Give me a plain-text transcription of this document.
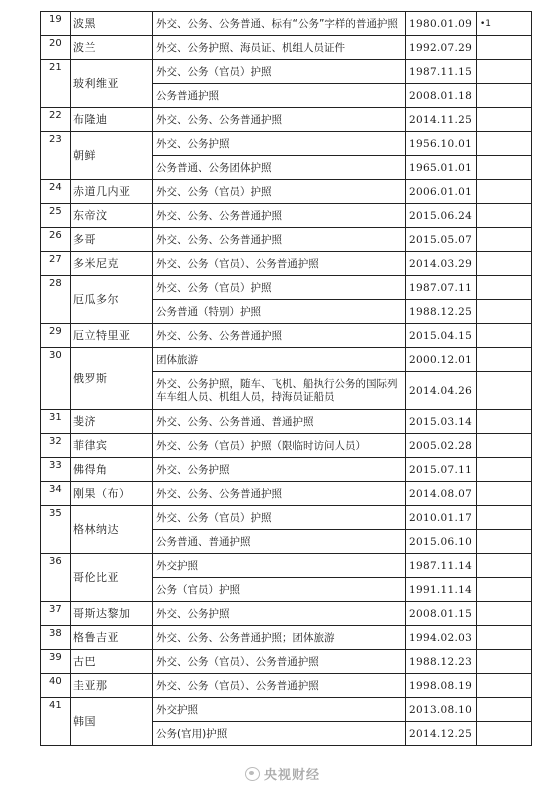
19	波黑	外交、公务、公务普通、标有“公务”字样的普通护照	1980.01.09	•1
20	波兰	外交、公务护照、海员证、机组人员证件	1992.07.29	
21	玻利维亚	外交、公务（官员）护照	1987.11.15	
		公务普通护照	2008.01.18	
22	布隆迪	外交、公务、公务普通护照	2014.11.25	
23	朝鲜	外交、公务护照	1956.10.01	
		公务普通、公务团体护照	1965.01.01	
24	赤道几内亚	外交、公务（官员）护照	2006.01.01	
25	东帝汶	外交、公务、公务普通护照	2015.06.24	
26	多哥	外交、公务、公务普通护照	2015.05.07	
27	多米尼克	外交、公务（官员）、公务普通护照	2014.03.29	
28	厄瓜多尔	外交、公务（官员）护照	1987.07.11	
		公务普通（特别）护照	1988.12.25	
29	厄立特里亚	外交、公务、公务普通护照	2015.04.15	
30	俄罗斯	团体旅游	2000.12.01	
		外交、公务护照，随车、飞机、船执行公务的国际列车车组人员、机组人员，持海员证船员	2014.04.26	
31	斐济	外交、公务、公务普通、普通护照	2015.03.14	
32	菲律宾	外交、公务（官员）护照（限临时访问人员）	2005.02.28	
33	佛得角	外交、公务护照	2015.07.11	
34	刚果（布）	外交、公务、公务普通护照	2014.08.07	
35	格林纳达	外交、公务（官员）护照	2010.01.17	
		公务普通、普通护照	2015.06.10	
36	哥伦比亚	外交护照	1987.11.14	
		公务（官员）护照	1991.11.14	
37	哥斯达黎加	外交、公务护照	2008.01.15	
38	格鲁吉亚	外交、公务、公务普通护照；团体旅游	1994.02.03	
39	古巴	外交、公务（官员）、公务普通护照	1988.12.23	
40	圭亚那	外交、公务（官员）、公务普通护照	1998.08.19	
41	韩国	外交护照	2013.08.10	
		公务(官用)护照	2014.12.25	
央视财经
